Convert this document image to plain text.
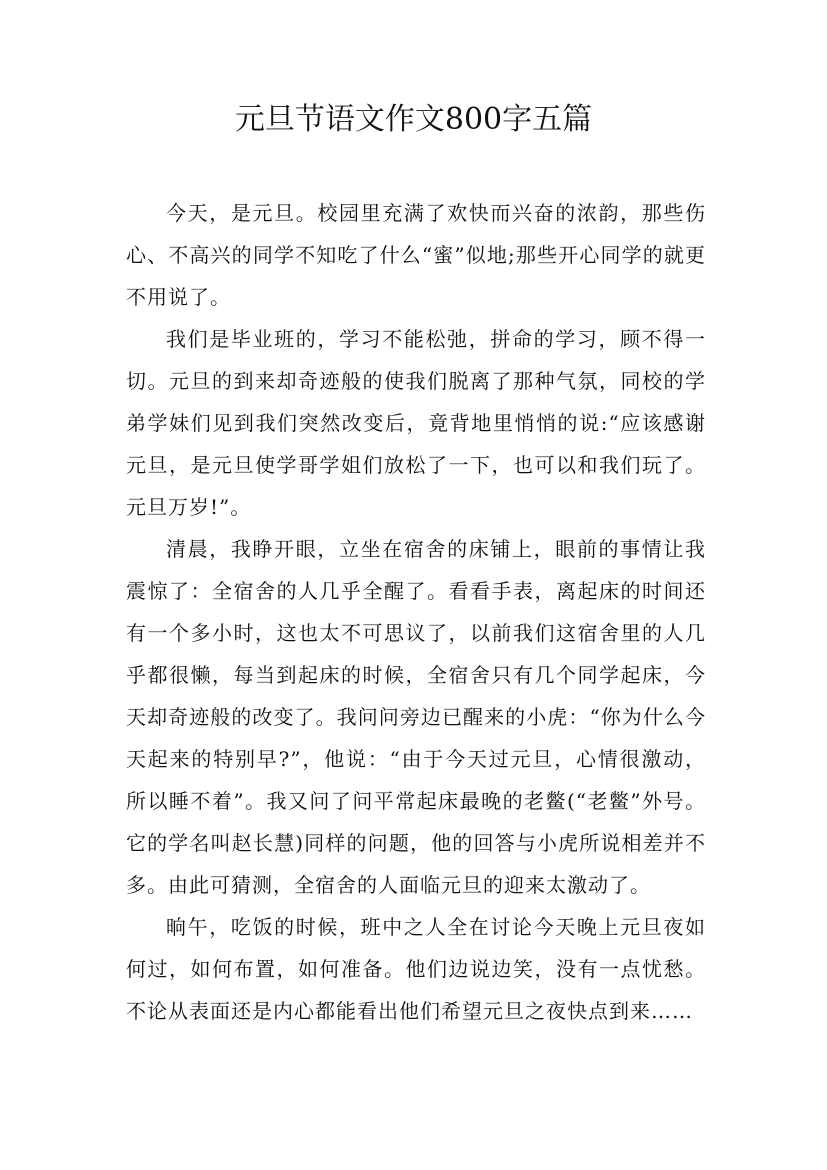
元旦节语文作文800字五篇

今天，是元旦。校园里充满了欢快而兴奋的浓韵，那些伤心、不高兴的同学不知吃了什么“蜜”似地;那些开心同学的就更不用说了。

我们是毕业班的，学习不能松弛，拼命的学习，顾不得一切。元旦的到来却奇迹般的使我们脱离了那种气氛，同校的学弟学妹们见到我们突然改变后，竟背地里悄悄的说:“应该感谢元旦，是元旦使学哥学姐们放松了一下，也可以和我们玩了。元旦万岁!”。

清晨，我睁开眼，立坐在宿舍的床铺上，眼前的事情让我震惊了：全宿舍的人几乎全醒了。看看手表，离起床的时间还有一个多小时，这也太不可思议了，以前我们这宿舍里的人几乎都很懒，每当到起床的时候，全宿舍只有几个同学起床，今天却奇迹般的改变了。我问问旁边已醒来的小虎：“你为什么今天起来的特别早?”，他说：“由于今天过元旦，心情很激动，所以睡不着”。我又问了问平常起床最晚的老鳖(“老鳖”外号。它的学名叫赵长慧)同样的问题，他的回答与小虎所说相差并不多。由此可猜测，全宿舍的人面临元旦的迎来太激动了。

晌午，吃饭的时候，班中之人全在讨论今天晚上元旦夜如何过，如何布置，如何准备。他们边说边笑，没有一点忧愁。不论从表面还是内心都能看出他们希望元旦之夜快点到来……
